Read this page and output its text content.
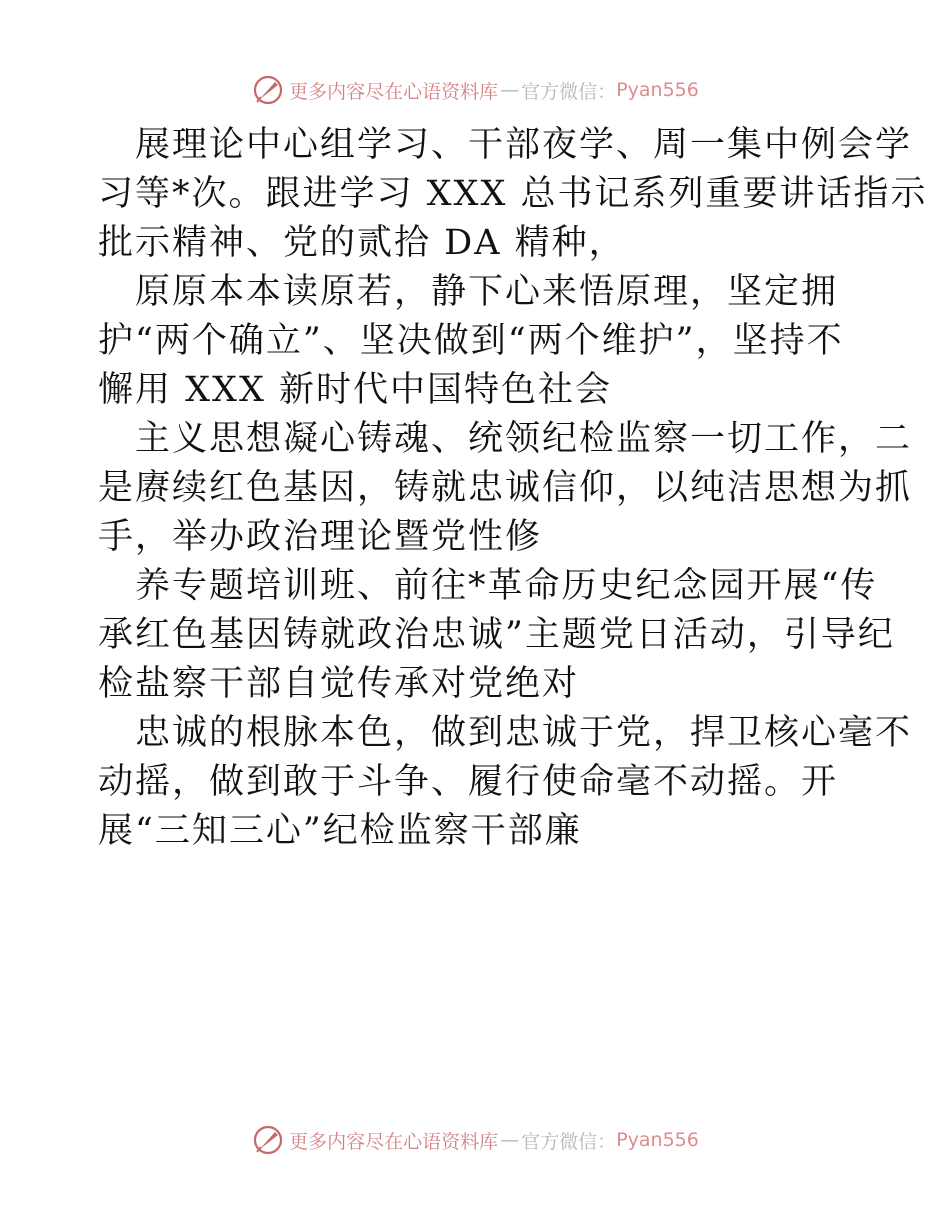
更多内容尽在心语资料库 — 官方微信： Pyan556
　展理论中心组学习、干部夜学、周一集中例会学
习等*次。跟进学习 XXX 总书记系列重要讲话指示
批示精神、党的贰拾 DA 精种，
　原原本本读原若，静下心来悟原理，坚定拥
护“两个确立”、坚决做到“两个维护”，坚持不
懈用 XXX 新时代中国特色社会
　主义思想凝心铸魂、统领纪检监察一切工作，二
是赓续红色基因，铸就忠诚信仰，以纯洁思想为抓
手，举办政治理论暨党性修
　养专题培训班、前往*革命历史纪念园开展“传
承红色基因铸就政治忠诚”主题党日活动，引导纪
检盐察干部自觉传承对党绝对
　忠诚的根脉本色，做到忠诚于党，捍卫核心毫不
动摇，做到敢于斗争、履行使命毫不动摇。开
展“三知三心”纪检监察干部廉
更多内容尽在心语资料库 — 官方微信： Pyan556
